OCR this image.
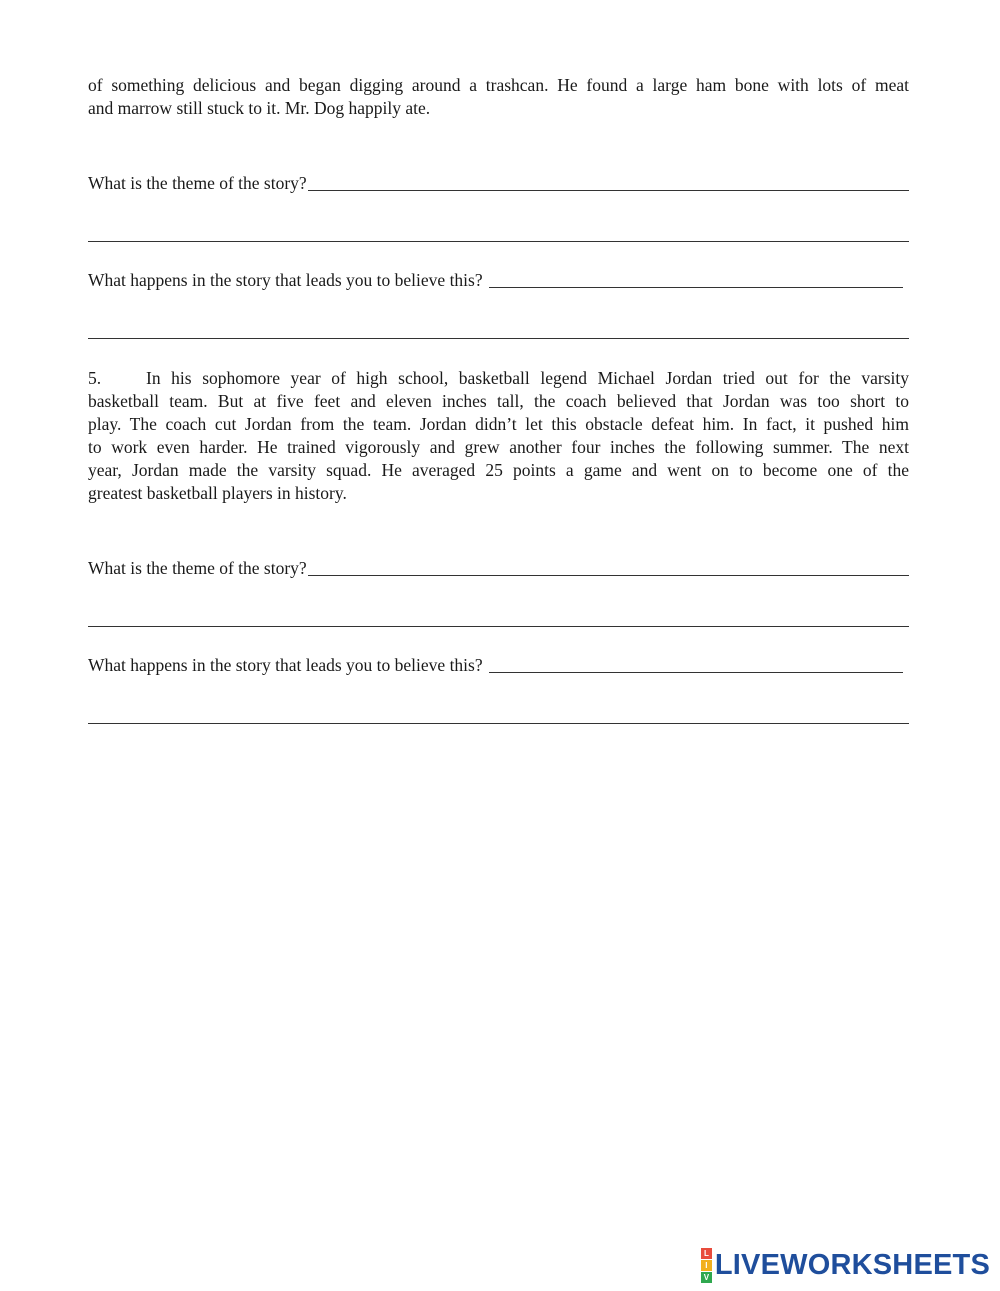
of something delicious and began digging around a trashcan. He found a large ham bone with lots of meat
and marrow still stuck to it. Mr. Dog happily ate.
What is the theme of the story?
What happens in the story that leads you to believe this?
5.	In his sophomore year of high school, basketball legend Michael Jordan tried out for the varsity
basketball team. But at five feet and eleven inches tall, the coach believed that Jordan was too short to
play. The coach cut Jordan from the team. Jordan didn’t let this obstacle defeat him. In fact, it pushed him
to work even harder. He trained vigorously and grew another four inches the following summer. The next
year, Jordan made the varsity squad. He averaged 25 points a game and went on to become one of the
greatest basketball players in history.
What is the theme of the story?
What happens in the story that leads you to believe this?
L
I
V LIVEWORKSHEETS
